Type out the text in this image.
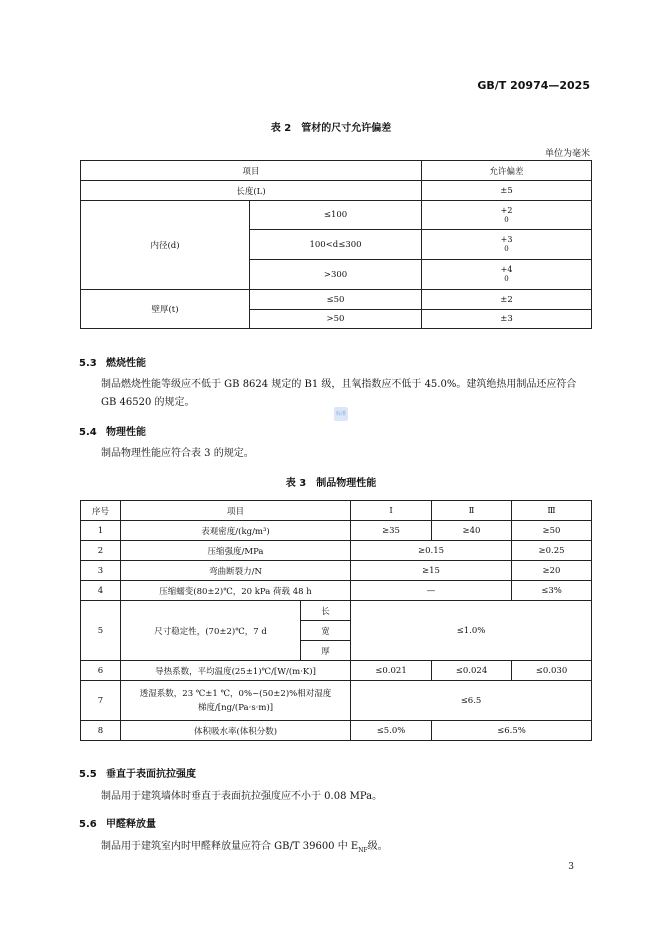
GB/T 20974—2025
表 2　管材的尺寸允许偏差
单位为毫米
项目		允许偏差
长度(L)		±5
内径(d)	≤100	+2
0
	100<d≤300	+3
0
	>300	+4
0
壁厚(t)	≤50	±2
	>50	±3
5.3 燃烧性能
制品燃烧性能等级应不低于 GB 8624 规定的 B1 级，且氧指数应不低于 45.0%。建筑绝热用制品还应符合 GB 46520 的规定。
标准
5.4 物理性能
制品物理性能应符合表 3 的规定。
表 3　制品物理性能
序号	项目		Ⅰ	Ⅱ	Ⅲ
1	表观密度/(kg/m³)		≥35	≥40	≥50
2	压缩强度/MPa		≥0.15		≥0.25
3	弯曲断裂力/N		≥15		≥20
4	压缩蠕变(80±2)℃，20 kPa 荷载 48 h		—		≤3%
5	尺寸稳定性，(70±2)℃，7 d	长	≤1.0%		
		宽			
		厚			
6	导热系数，平均温度(25±1)℃/[W/(m·K)]		≤0.021	≤0.024	≤0.030
7	透湿系数，23 ℃±1 ℃，0%~(50±2)%相对湿度
梯度/[ng/(Pa·s·m)]		≤6.5		
8	体积吸水率(体积分数)		≤5.0%	≤6.5%	
5.5 垂直于表面抗拉强度
制品用于建筑墙体时垂直于表面抗拉强度应不小于 0.08 MPa。
5.6 甲醛释放量
制品用于建筑室内时甲醛释放量应符合 GB/T 39600 中 $E_{NF}$级。
3
